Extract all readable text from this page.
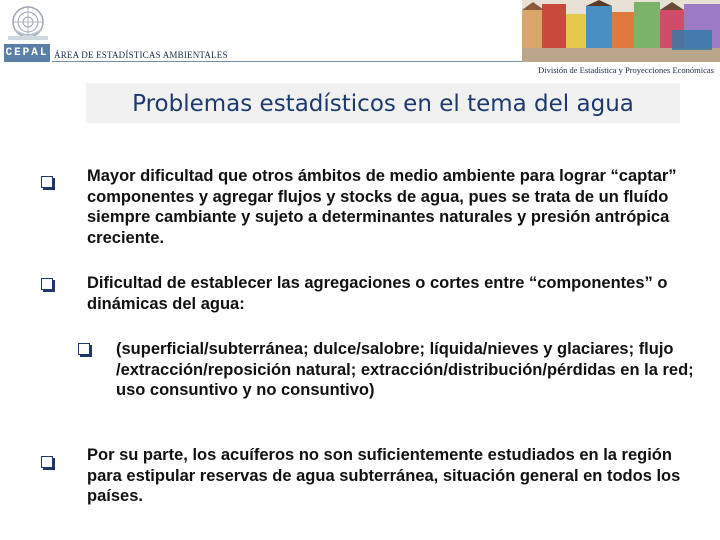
CEPAL ÁREA DE ESTADÍSTICAS AMBIENTALES
División de Estadística y Proyecciones Económicas
Problemas estadísticos en el tema del agua
Mayor dificultad que otros ámbitos de medio ambiente para lograr “captar” componentes y agregar flujos y stocks de agua, pues se trata de un fluído siempre cambiante y sujeto a determinantes naturales y presión antrópica creciente.
Dificultad de establecer las agregaciones o cortes entre “componentes” o dinámicas del agua:
(superficial/subterránea; dulce/salobre; líquida/nieves y glaciares; flujo /extracción/reposición natural; extracción/distribución/pérdidas en la red; uso consuntivo y no consuntivo)
Por su parte, los acuíferos no son suficientemente estudiados en la región para estipular reservas de agua subterránea, situación general en todos los países.
